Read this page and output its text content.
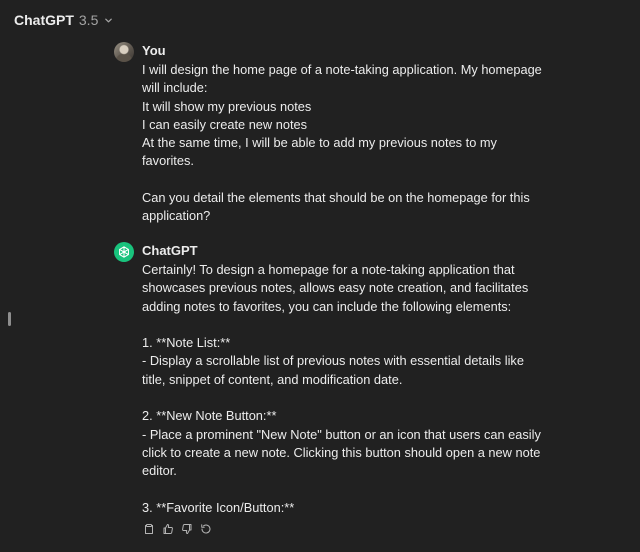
ChatGPT 3.5
You

I will design the home page of a note-taking application. My homepage will include:

It will show my previous notes

I can easily create new notes

At the same time, I will be able to add my previous notes to my favorites.

Can you detail the elements that should be on the homepage for this application?

ChatGPT

Certainly! To design a homepage for a note-taking application that showcases previous notes, allows easy note creation, and facilitates adding notes to favorites, you can include the following elements:

1. **Note List:**

- Display a scrollable list of previous notes with essential details like title, snippet of content, and modification date.

2. **New Note Button:**

- Place a prominent "New Note" button or an icon that users can easily click to create a new note. Clicking this button should open a new note editor.

3. **Favorite Icon/Button:**
